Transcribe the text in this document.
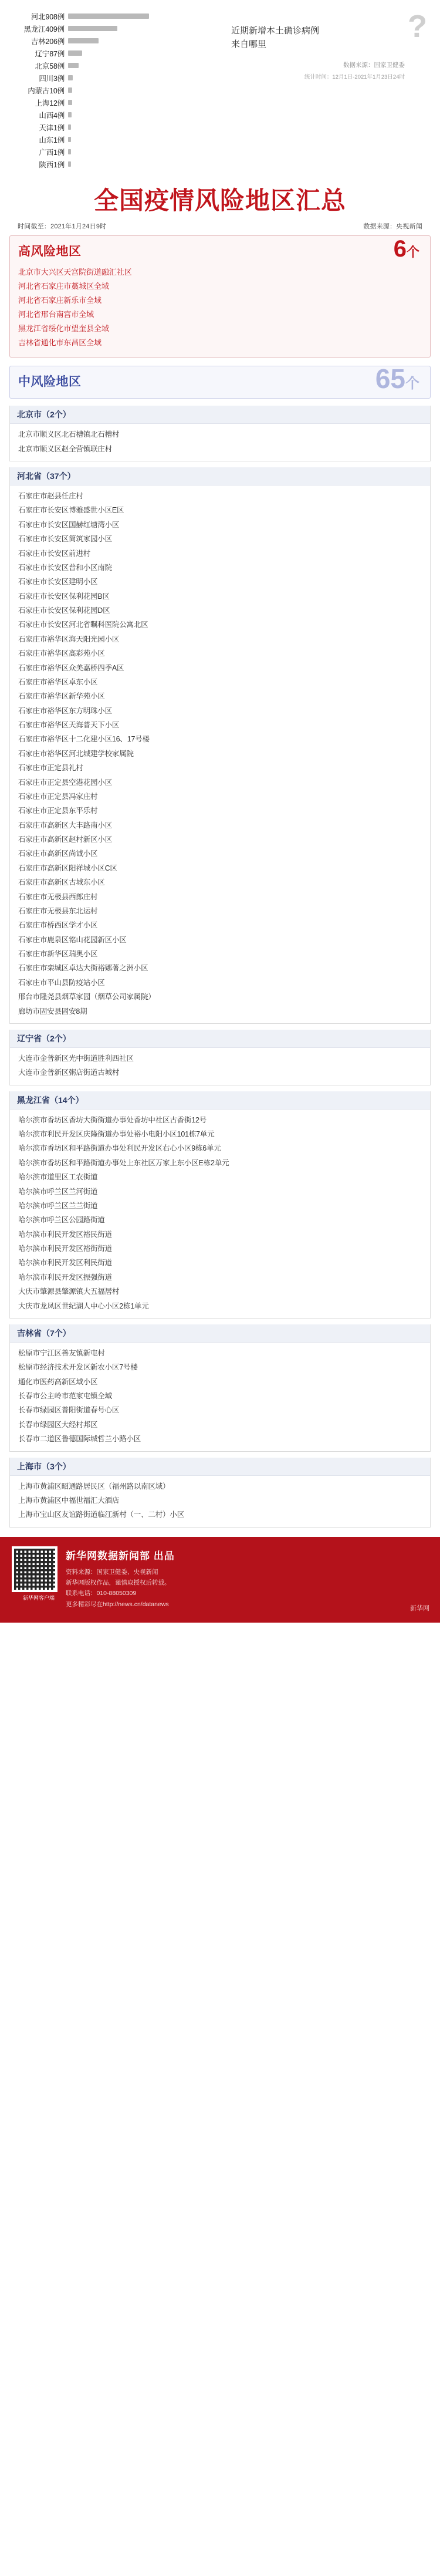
?
河北908例
黑龙江409例
吉林206例
辽宁87例
北京58例
四川3例
内蒙古10例
上海12例
山西4例
天津1例
山东1例
广西1例
陕西1例
近期新增本土确诊病例
来自哪里
数据来源：国家卫健委
统计时间：12月1日-2021年1月23日24时
全国疫情风险地区汇总
时间截至：2021年1月24日9时	数据来源：央视新闻
高风险地区	6个
北京市大兴区天宫院街道融汇社区
河北省石家庄市藁城区全域
河北省石家庄新乐市全域
河北省邢台南宫市全域
黑龙江省绥化市望奎县全域
吉林省通化市东昌区全域
中风险地区	65个
北京市（2个）
北京市顺义区北石槽镇北石槽村
北京市顺义区赵全营镇联庄村
河北省（37个）
石家庄市赵县任庄村
石家庄市长安区博雅盛世小区E区
石家庄市长安区国赫红塘湾小区
石家庄市长安区简筑家园小区
石家庄市长安区前进村
石家庄市长安区普和小区南院
石家庄市长安区建明小区
石家庄市长安区保利花园B区
石家庄市长安区保利花园D区
石家庄市长安区河北省瞩科医院公寓北区
石家庄市裕华区海天阳光园小区
石家庄市裕华区高彩苑小区
石家庄市裕华区众美嘉桥四季A区
石家庄市裕华区卓东小区
石家庄市裕华区新华苑小区
石家庄市裕华区东方明珠小区
石家庄市裕华区天海普天下小区
石家庄市裕华区十二化建小区16、17号楼
石家庄市裕华区河北城建学校家属院
石家庄市正定县礼村
石家庄市正定县空港花园小区
石家庄市正定县冯家庄村
石家庄市正定县东平乐村
石家庄市高新区大丰路南小区
石家庄市高新区赵村新区小区
石家庄市高新区尚诚小区
石家庄市高新区阳祥城小区C区
石家庄市高新区古城东小区
石家庄市无极县西郎庄村
石家庄市无极县东北运村
石家庄市桥西区学才小区
石家庄市鹿泉区铭山花园新区小区
石家庄市新华区瑞奥小区
石家庄市栾城区卓达大街裕娜著之洲小区
石家庄市平山县防疫站小区
邢台市隆尧县烟草家园（烟草公司家属院）
廊坊市固安县固安8期
辽宁省（2个）
大连市金普新区光中街道胜利西社区
大连市金普新区粥店街道古城村
黑龙江省（14个）
哈尔滨市香坊区香坊大街街道办事处香坊中社区古香街12号
哈尔滨市利民开发区庆隆街道办事处裕小电阳小区101栋7单元
哈尔滨市香坊区和平路街道办事处利民开发区右心小区9栋6单元
哈尔滨市香坊区和平路街道办事处上东社区万家上东小区E栋2单元
哈尔滨市道里区工农街道
哈尔滨市呼兰区兰河街道
哈尔滨市呼兰区兰兰街道
哈尔滨市呼兰区公园路街道
哈尔滨市利民开发区裕民街道
哈尔滨市利民开发区裕街街道
哈尔滨市利民开发区利民街道
哈尔滨市利民开发区振强街道
大庆市肇源县肇源镇大五福居村
大庆市龙凤区世纪湖人中心小区2栋1单元
吉林省（7个）
松原市宁江区善友镇新屯村
松原市经济技术开发区新农小区7号楼
通化市医药高新区域小区
长春市公主岭市范家屯镇全域
长春市绿园区普阳街道春号心区
长春市绿园区大经村邦区
长春市二道区鲁德国际城哲兰小路小区
上海市（3个）
上海市黄浦区昭通路居民区（福州路以南区域）
上海市黄浦区中福世福汇大酒店
上海市宝山区友谊路街道临江新村（一、二村）小区
新华网客户端
新华网数据新闻部 出品
资料来源：国家卫健委、央视新闻
新华网版权作品，谨慎取授权后转载。
联系电话：010-88050309
更多精彩尽在http://news.cn/datanews
新华网
